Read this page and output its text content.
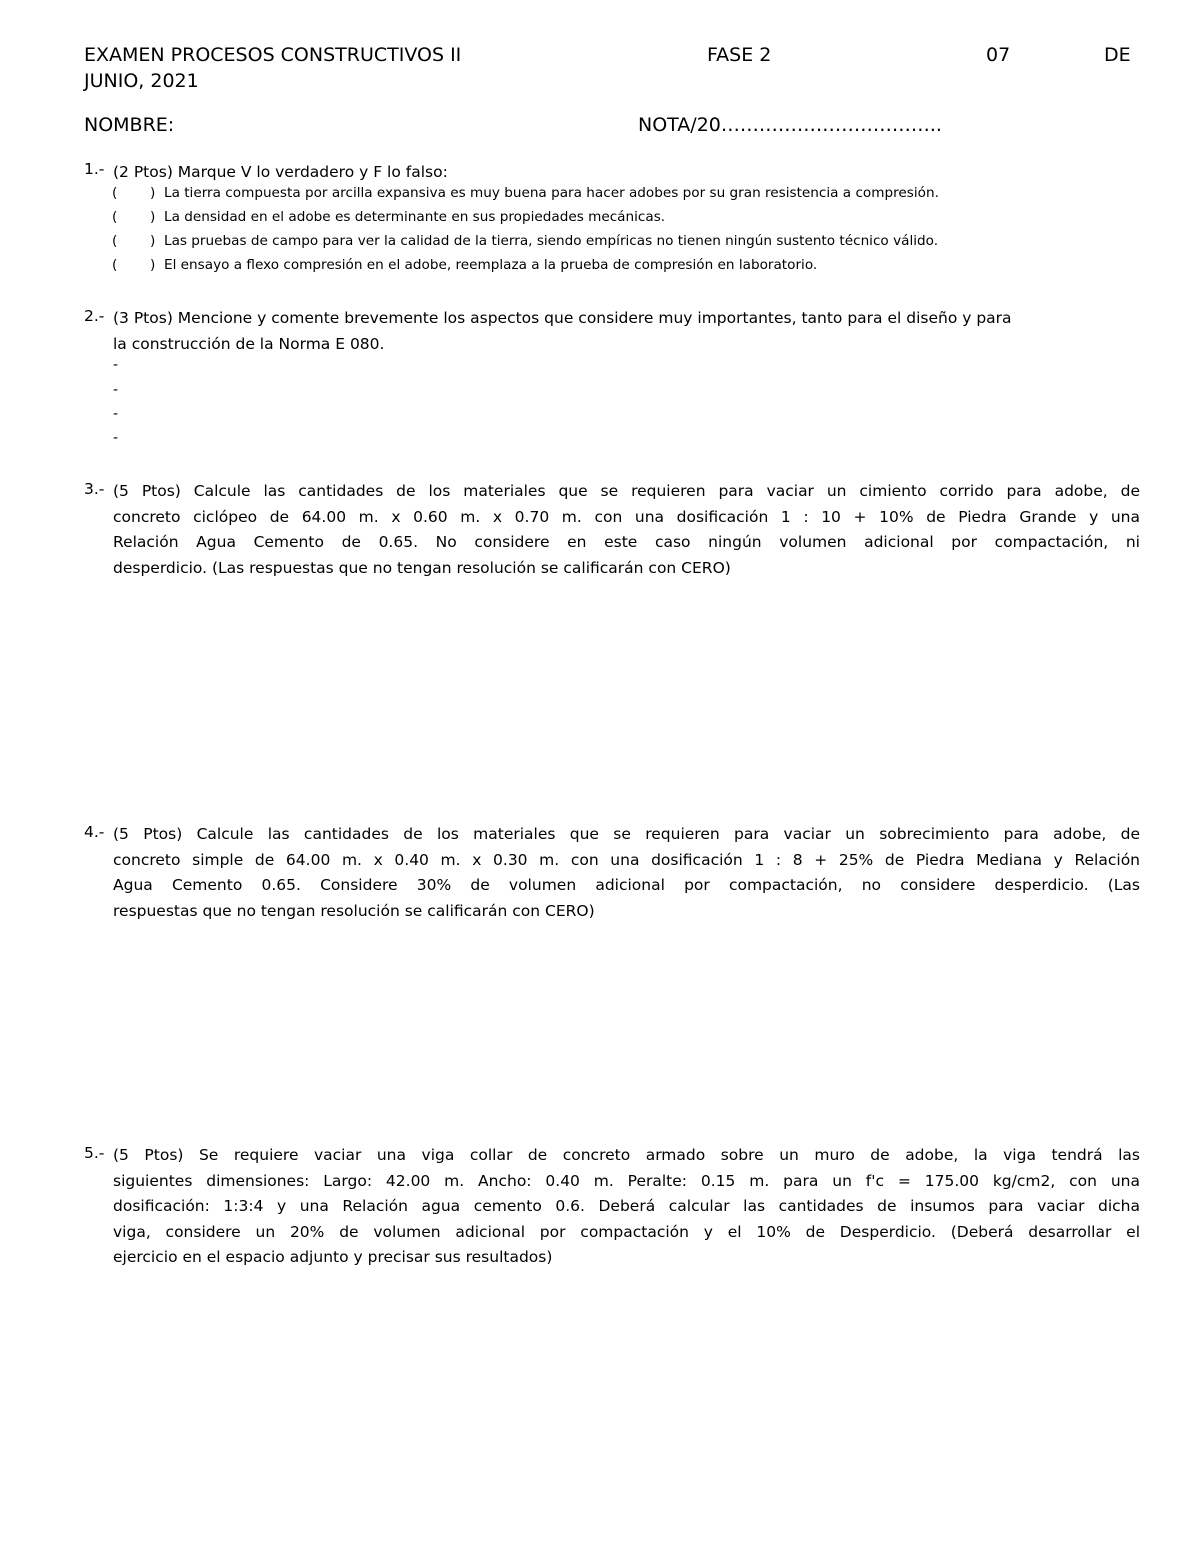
EXAMEN PROCESOS CONSTRUCTIVOS II	FASE 2	07	DE
JUNIO, 2021
NOMBRE:	NOTA/20……………………………..
1.- (2 Ptos) Marque V lo verdadero y F lo falso:
( ) La tierra compuesta por arcilla expansiva es muy buena para hacer adobes por su gran resistencia a compresión.
( ) La densidad en el adobe es determinante en sus propiedades mecánicas.
( ) Las pruebas de campo para ver la calidad de la tierra, siendo empíricas no tienen ningún sustento técnico válido.
( ) El ensayo a flexo compresión en el adobe, reemplaza a la prueba de compresión en laboratorio.
2.- (3 Ptos) Mencione y comente brevemente los aspectos que considere muy importantes, tanto para el diseño y para
la construcción de la Norma E 080.
-
-
-
-
3.- (5 Ptos) Calcule las cantidades de los materiales que se requieren para vaciar un cimiento corrido para adobe, de
concreto ciclópeo de 64.00 m. x 0.60 m. x 0.70 m. con una dosificación 1 : 10 + 10% de Piedra Grande y una
Relación Agua Cemento de 0.65. No considere en este caso ningún volumen adicional por compactación, ni
desperdicio. (Las respuestas que no tengan resolución se calificarán con CERO)
4.- (5 Ptos) Calcule las cantidades de los materiales que se requieren para vaciar un sobrecimiento para adobe, de
concreto simple de 64.00 m. x 0.40 m. x 0.30 m. con una dosificación 1 : 8 + 25% de Piedra Mediana y Relación
Agua Cemento 0.65. Considere 30% de volumen adicional por compactación, no considere desperdicio. (Las
respuestas que no tengan resolución se calificarán con CERO)
5.- (5 Ptos) Se requiere vaciar una viga collar de concreto armado sobre un muro de adobe, la viga tendrá las
siguientes dimensiones: Largo: 42.00 m. Ancho: 0.40 m. Peralte: 0.15 m. para un f'c = 175.00 kg/cm2, con una
dosificación: 1:3:4 y una Relación agua cemento 0.6. Deberá calcular las cantidades de insumos para vaciar dicha
viga, considere un 20% de volumen adicional por compactación y el 10% de Desperdicio. (Deberá desarrollar el
ejercicio en el espacio adjunto y precisar sus resultados)
